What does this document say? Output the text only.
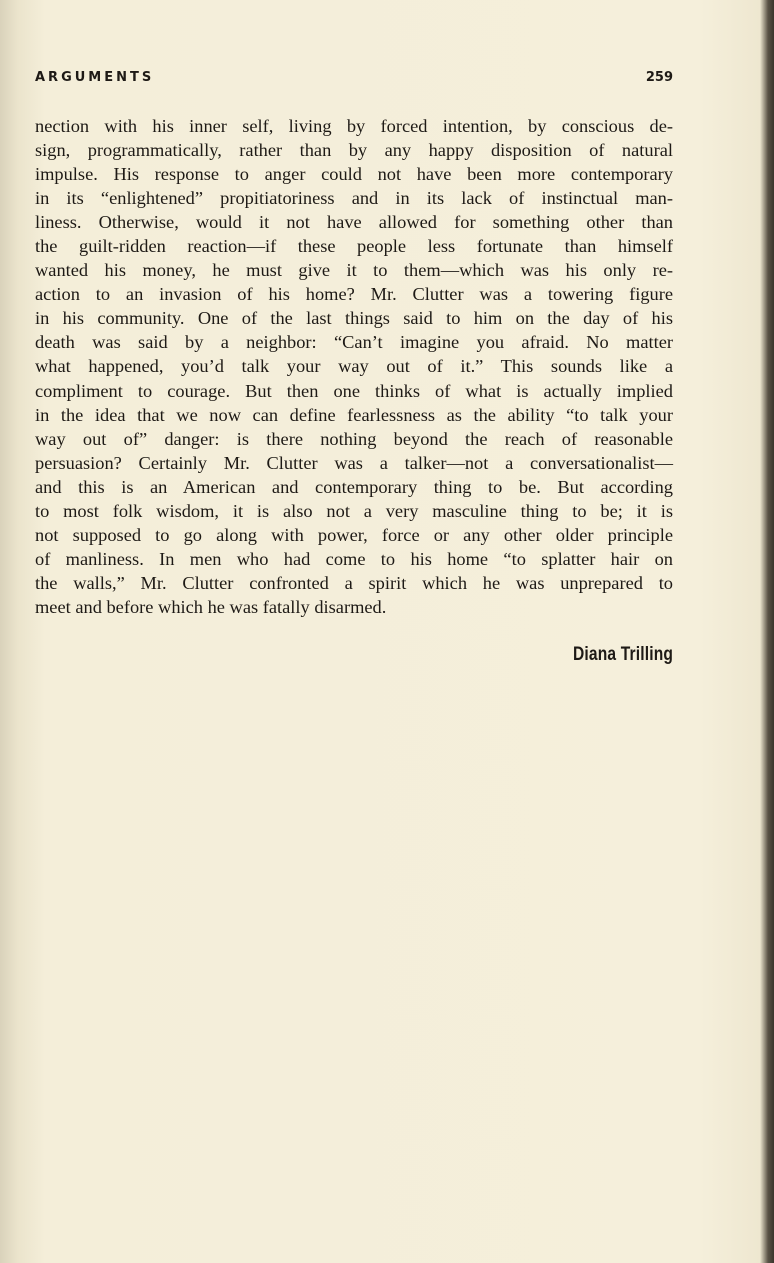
ARGUMENTS	259
nection with his inner self, living by forced intention, by conscious de-
sign, programmatically, rather than by any happy disposition of natural
impulse. His response to anger could not have been more contemporary
in its “enlightened” propitiatoriness and in its lack of instinctual man-
liness. Otherwise, would it not have allowed for something other than
the guilt-ridden reaction—if these people less fortunate than himself
wanted his money, he must give it to them—which was his only re-
action to an invasion of his home? Mr. Clutter was a towering figure
in his community. One of the last things said to him on the day of his
death was said by a neighbor: “Can’t imagine you afraid. No matter
what happened, you’d talk your way out of it.” This sounds like a
compliment to courage. But then one thinks of what is actually implied
in the idea that we now can define fearlessness as the ability “to talk your
way out of” danger: is there nothing beyond the reach of reasonable
persuasion? Certainly Mr. Clutter was a talker—not a conversationalist—
and this is an American and contemporary thing to be. But according
to most folk wisdom, it is also not a very masculine thing to be; it is
not supposed to go along with power, force or any other older principle
of manliness. In men who had come to his home “to splatter hair on
the walls,” Mr. Clutter confronted a spirit which he was unprepared to
meet and before which he was fatally disarmed.
Diana Trilling
